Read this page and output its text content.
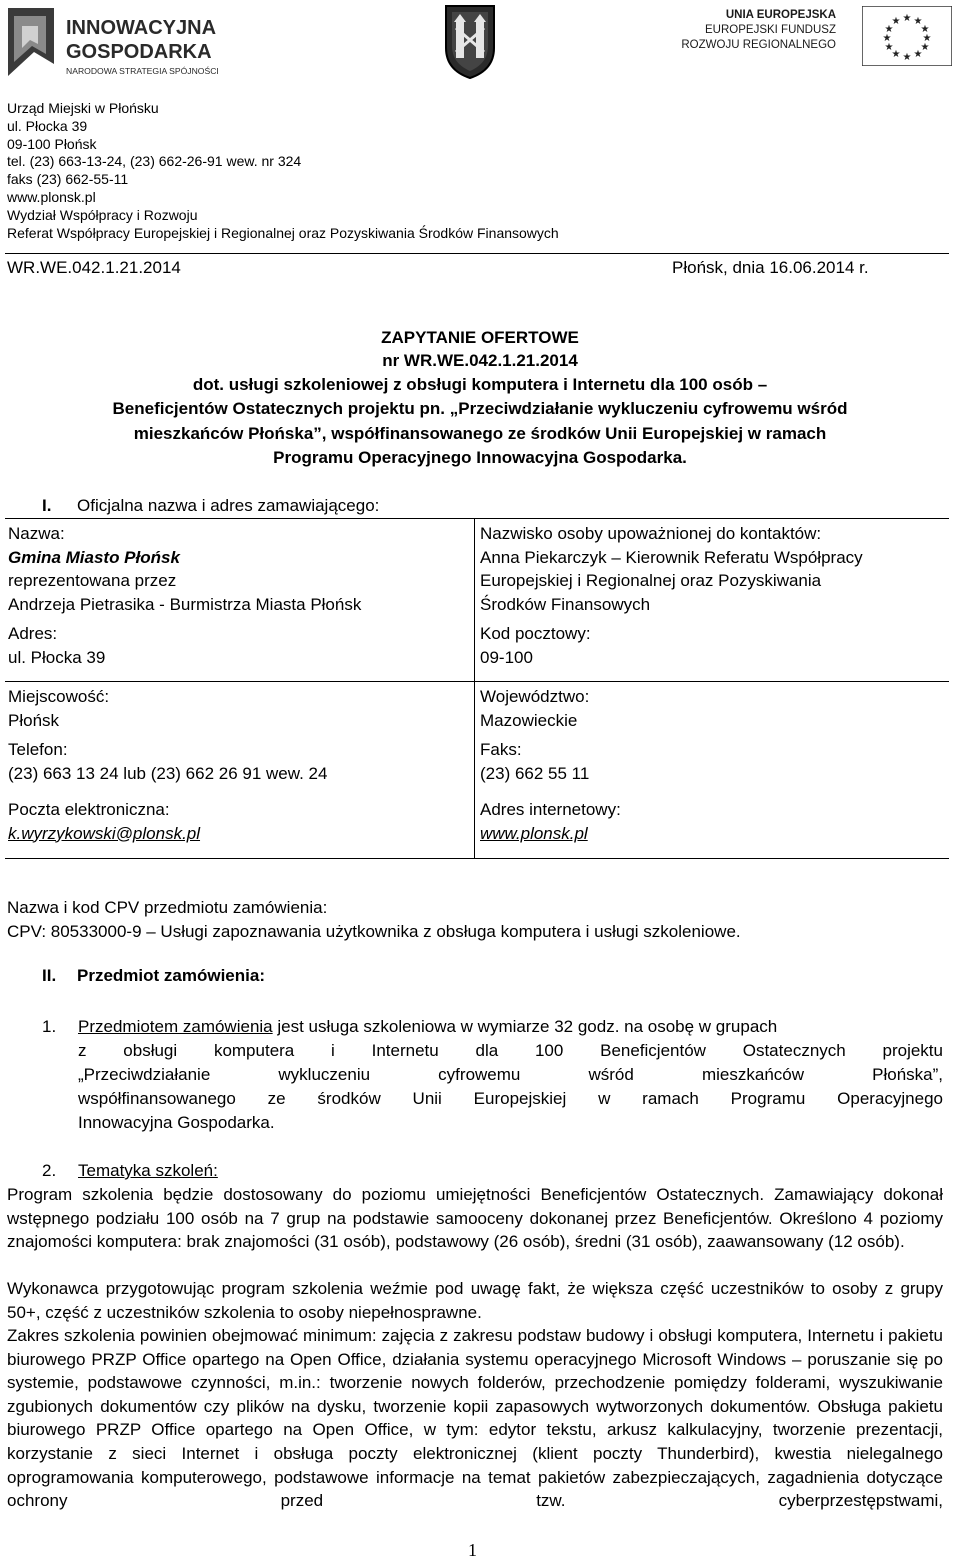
INNOWACYJNA
GOSPODARKA
NARODOWA STRATEGIA SPÓJNOŚCI
UNIA EUROPEJSKA
EUROPEJSKI FUNDUSZ
ROZWOJU REGIONALNEGO
★ ★
★
★
★
★
★
★
★
★
★
★
Urząd Miejski w Płońsku
ul. Płocka 39
09-100 Płońsk
tel. (23) 663-13-24, (23) 662-26-91 wew. nr 324
faks (23) 662-55-11
www.plonsk.pl
Wydział Współpracy i Rozwoju
Referat Współpracy Europejskiej i Regionalnej oraz Pozyskiwania Środków Finansowych
WR.WE.042.1.21.2014	Płońsk, dnia 16.06.2014 r.
ZAPYTANIE OFERTOWE
nr WR.WE.042.1.21.2014
dot. usługi szkoleniowej z obsługi komputera i Internetu dla 100 osób –
Beneficjentów Ostatecznych projektu pn. „Przeciwdziałanie wykluczeniu cyfrowemu wśród
mieszkańców Płońska”, współfinansowanego ze środków Unii Europejskiej w ramach
Programu Operacyjnego Innowacyjna Gospodarka.
I. Oficjalna nazwa i adres zamawiającego:
Nazwa:
Gmina Miasto Płońsk
reprezentowana przez
Andrzeja Pietrasika - Burmistrza Miasta Płońsk
Adres:
ul. Płocka 39
Miejscowość:
Płońsk
Telefon:
(23) 663 13 24 lub (23) 662 26 91 wew. 24
Poczta elektroniczna:
k.wyrzykowski@plonsk.pl
Nazwisko osoby upoważnionej do kontaktów:
Anna Piekarczyk – Kierownik Referatu Współpracy
Europejskiej i Regionalnej oraz Pozyskiwania
Środków Finansowych
Kod pocztowy:
09-100
Województwo:
Mazowieckie
Faks:
(23) 662 55 11
Adres internetowy:
www.plonsk.pl
Nazwa i kod CPV przedmiotu zamówienia:
CPV: 80533000-9 – Usługi zapoznawania użytkownika z obsługa komputera i usługi szkoleniowe.
II. Przedmiot zamówienia:
1. Przedmiotem zamówienia jest usługa szkoleniowa w wymiarze 32 godz. na osobę w grupach
z obsługi komputera i Internetu dla 100 Beneficjentów Ostatecznych projektu
„Przeciwdziałanie wykluczeniu cyfrowemu wśród mieszkańców Płońska”,
współfinansowanego ze środków Unii Europejskiej w ramach Programu Operacyjnego
Innowacyjna Gospodarka.
2. Tematyka szkoleń:
Program szkolenia będzie dostosowany do poziomu umiejętności Beneficjentów Ostatecznych. Zamawiający dokonał wstępnego podziału 100 osób na 7 grup na podstawie samooceny dokonanej przez Beneficjentów. Określono 4 poziomy znajomości komputera: brak znajomości (31 osób), podstawowy (26 osób), średni (31 osób), zaawansowany (12 osób).
Wykonawca przygotowując program szkolenia weźmie pod uwagę fakt, że większa część uczestników to osoby z grupy 50+, część z uczestników szkolenia to osoby niepełnosprawne.
Zakres szkolenia powinien obejmować minimum: zajęcia z zakresu podstaw budowy i obsługi komputera, Internetu i pakietu biurowego PRZP Office opartego na Open Office, działania systemu operacyjnego Microsoft Windows – poruszanie się po systemie, podstawowe czynności, m.in.: tworzenie nowych folderów, przechodzenie pomiędzy folderami, wyszukiwanie zgubionych dokumentów czy plików na dysku, tworzenie kopii zapasowych wytworzonych dokumentów. Obsługa pakietu biurowego PRZP Office opartego na Open Office, w tym: edytor tekstu, arkusz kalkulacyjny, tworzenie prezentacji, korzystanie z sieci Internet i obsługa poczty elektronicznej (klient poczty Thunderbird), kwestia nielegalnego oprogramowania komputerowego, podstawowe informacje na temat pakietów zabezpieczających, zagadnienia dotyczące ochrony przed tzw. cyberprzestępstwami,
1
